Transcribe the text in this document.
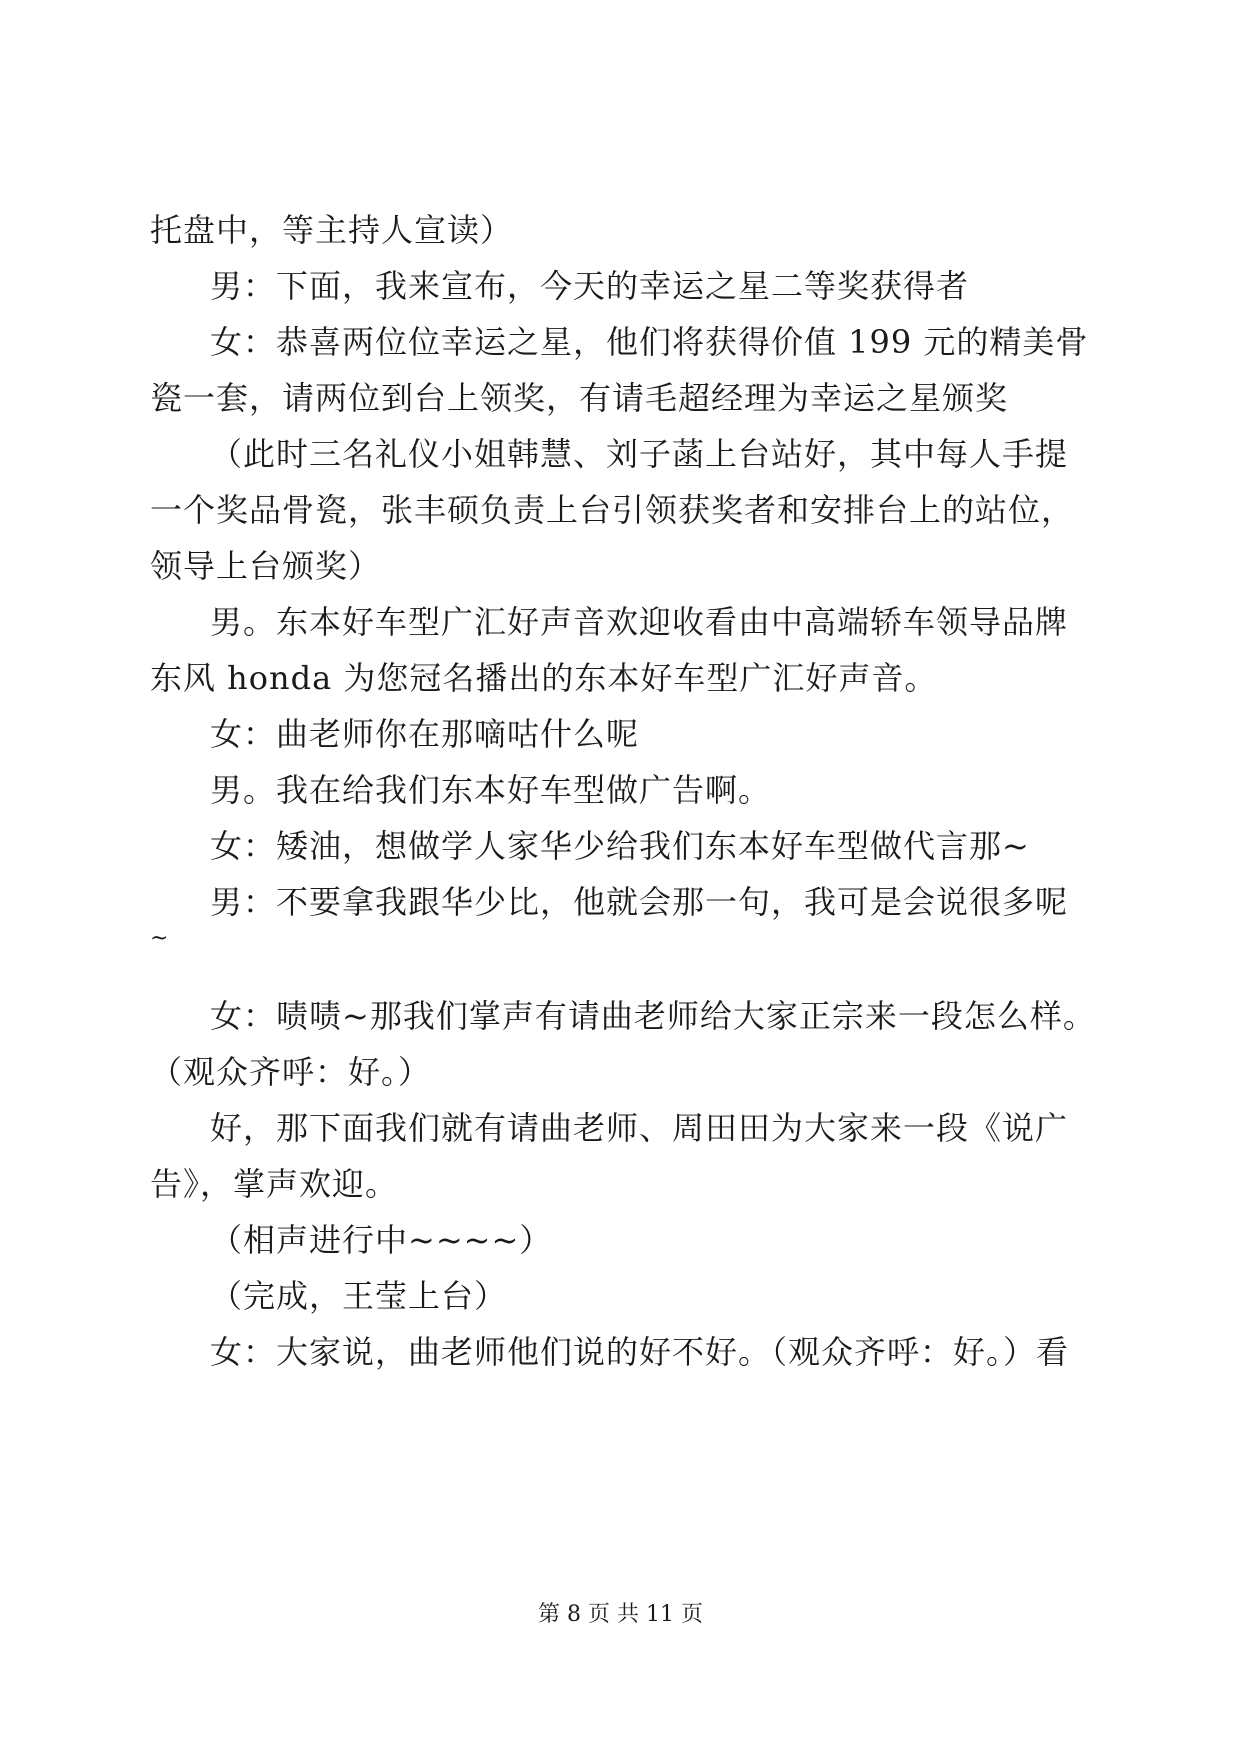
托盘中，等主持人宣读）
男：下面，我来宣布，今天的幸运之星二等奖获得者
女：恭喜两位位幸运之星，他们将获得价值 199 元的精美骨
瓷一套，请两位到台上领奖，有请毛超经理为幸运之星颁奖
（此时三名礼仪小姐韩慧、刘子菡上台站好，其中每人手提
一个奖品骨瓷，张丰硕负责上台引领获奖者和安排台上的站位，
领导上台颁奖）
男。东本好车型广汇好声音欢迎收看由中高端轿车领导品牌
东风 honda 为您冠名播出的东本好车型广汇好声音。
女：曲老师你在那嘀咕什么呢
男。我在给我们东本好车型做广告啊。
女：矮油，想做学人家华少给我们东本好车型做代言那~
男：不要拿我跟华少比，他就会那一句，我可是会说很多呢
~
女：啧啧~那我们掌声有请曲老师给大家正宗来一段怎么样。
（观众齐呼：好。）
好，那下面我们就有请曲老师、周田田为大家来一段《说广
告》，掌声欢迎。
（相声进行中~~~~）
（完成，王莹上台）
女：大家说，曲老师他们说的好不好。（观众齐呼：好。）看
第 8 页 共 11 页
